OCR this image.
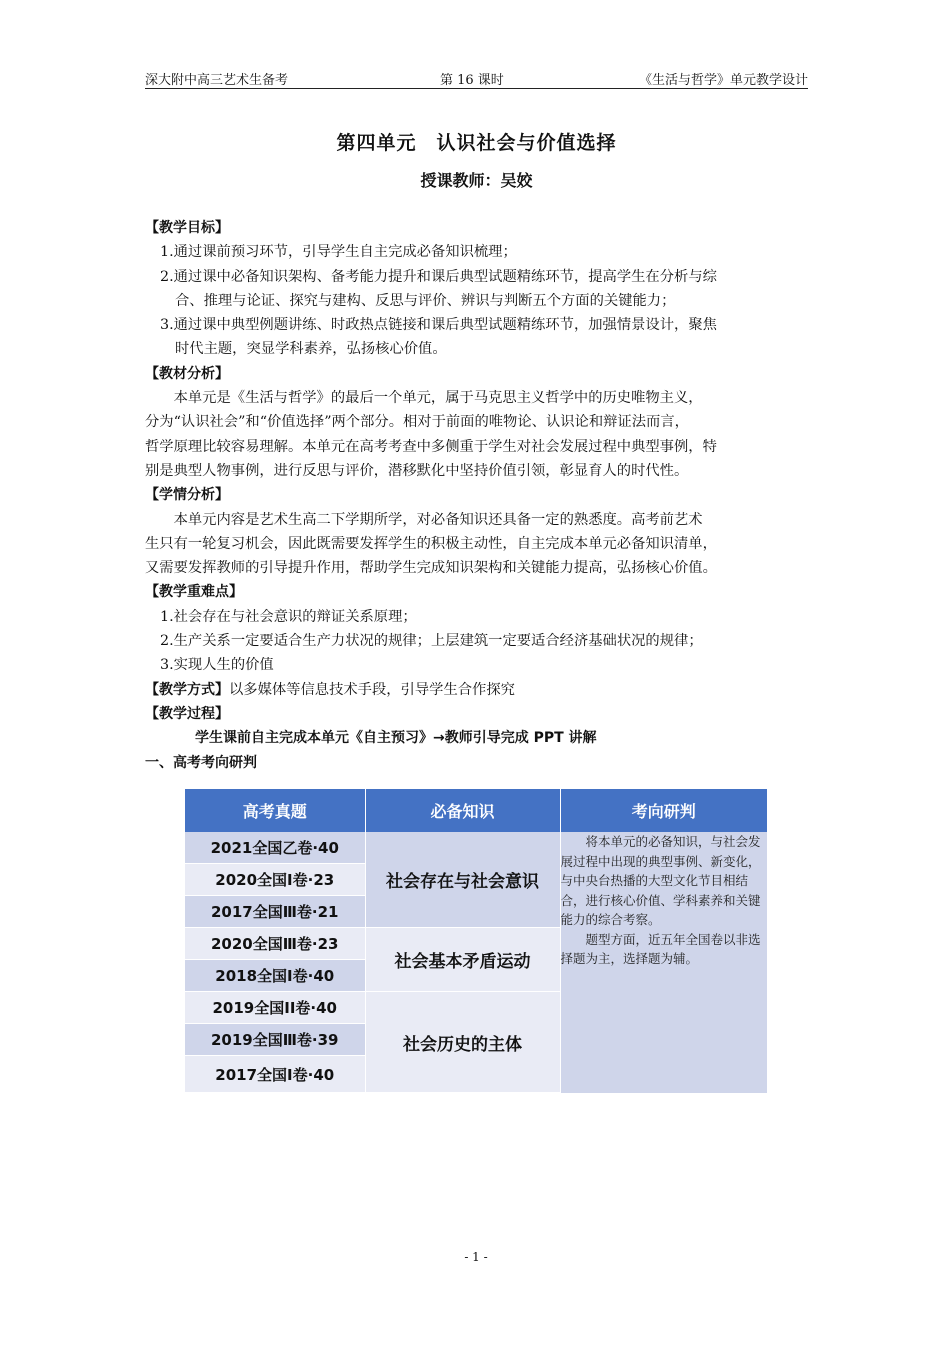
深大附中高三艺术生备考	第 16 课时	《生活与哲学》单元教学设计
第四单元　认识社会与价值选择
授课教师：吴姣

【教学目标】

1.通过课前预习环节，引导学生自主完成必备知识梳理；

2.通过课中必备知识架构、备考能力提升和课后典型试题精练环节，提高学生在分析与综

合、推理与论证、探究与建构、反思与评价、辨识与判断五个方面的关键能力；

3.通过课中典型例题讲练、时政热点链接和课后典型试题精练环节，加强情景设计，聚焦

时代主题，突显学科素养，弘扬核心价值。

【教材分析】

本单元是《生活与哲学》的最后一个单元，属于马克思主义哲学中的历史唯物主义，
分为“认识社会”和“价值选择”两个部分。相对于前面的唯物论、认识论和辩证法而言，
哲学原理比较容易理解。本单元在高考考查中多侧重于学生对社会发展过程中典型事例，特
别是典型人物事例，进行反思与评价，潜移默化中坚持价值引领，彰显育人的时代性。

【学情分析】

本单元内容是艺术生高二下学期所学，对必备知识还具备一定的熟悉度。高考前艺术
生只有一轮复习机会，因此既需要发挥学生的积极主动性，自主完成本单元必备知识清单，
又需要发挥教师的引导提升作用，帮助学生完成知识架构和关键能力提高，弘扬核心价值。

【教学重难点】

1.社会存在与社会意识的辩证关系原理；

2.生产关系一定要适合生产力状况的规律；上层建筑一定要适合经济基础状况的规律；

3.实现人生的价值

【教学方式】以多媒体等信息技术手段，引导学生合作探究

【教学过程】

学生课前自主完成本单元《自主预习》→教师引导完成 PPT 讲解

一、高考考向研判

高考真题	必备知识	考向研判
2021全国乙卷·40	社会存在与社会意识	将本单元的必备知识，与社会发展过程中出现的典型事例、新变化，与中央台热播的大型文化节目相结合，进行核心价值、学科素养和关键能力的综合考察。
题型方面，近五年全国卷以非选择题为主，选择题为辅。

2020全国Ⅰ卷·23		
2017全国Ⅲ卷·21		
2020全国Ⅲ卷·23	社会基本矛盾运动	
2018全国Ⅰ卷·40		
2019全国II卷·40	社会历史的主体	
2019全国Ⅲ卷·39		
2017全国Ⅰ卷·40		
- 1 -
